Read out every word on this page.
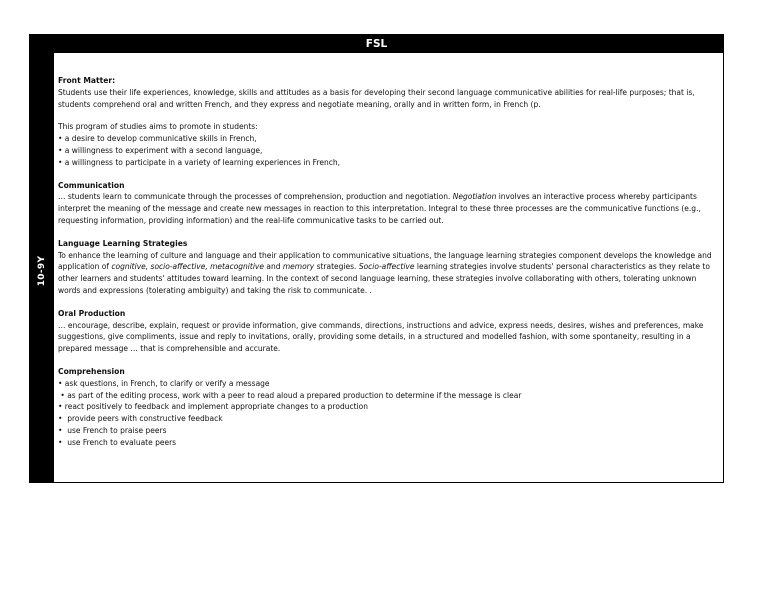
FSL
10-9Y
Front Matter:

Students use their life experiences, knowledge, skills and attitudes as a basis for developing their second language communicative abilities for real-life purposes; that is, students comprehend oral and written French, and they express and negotiate meaning, orally and in written form, in French (p.

This program of studies aims to promote in students:

• a desire to develop communicative skills in French,
• a willingness to experiment with a second language,
• a willingness to participate in a variety of learning experiences in French,
Communication

… students learn to communicate through the processes of comprehension, production and negotiation. Negotiation involves an interactive process whereby participants interpret the meaning of the message and create new messages in reaction to this interpretation. Integral to these three processes are the communicative functions (e.g., requesting information, providing information) and the real-life communicative tasks to be carried out.

Language Learning Strategies

To enhance the learning of culture and language and their application to communicative situations, the language learning strategies component develops the knowledge and application of cognitive, socio-affective, metacognitive and memory strategies. Socio-affective learning strategies involve students' personal characteristics as they relate to other learners and students' attitudes toward learning. In the context of second language learning, these strategies involve collaborating with others, tolerating unknown words and expressions (tolerating ambiguity) and taking the risk to communicate. .

Oral Production

… encourage, describe, explain, request or provide information, give commands, directions, instructions and advice, express needs, desires, wishes and preferences, make suggestions, give compliments, issue and reply to invitations, orally, providing some details, in a structured and modelled fashion, with some spontaneity, resulting in a prepared message … that is comprehensible and accurate.

Comprehension
• ask questions, in French, to clarify or verify a message
• as part of the editing process, work with a peer to read aloud a prepared production to determine if the message is clear
• react positively to feedback and implement appropriate changes to a production
•  provide peers with constructive feedback
•  use French to praise peers
•  use French to evaluate peers
